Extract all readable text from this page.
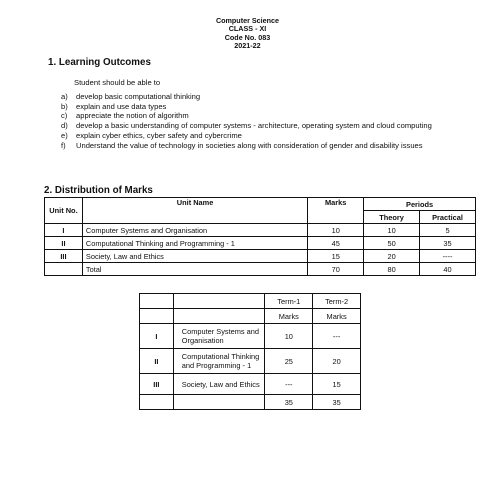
Computer Science
CLASS - XI
Code No. 083
2021-22
1. Learning Outcomes
Student should be able to
a)	develop basic computational thinking
b)	explain and use data types
c)	appreciate the notion of algorithm
d)	develop a basic understanding of computer systems - architecture, operating system and cloud computing
e)	explain cyber ethics, cyber safety and cybercrime
f)	Understand the value of technology in societies along with consideration of gender and disability issues
2. Distribution of Marks
Unit No.	Unit Name	Marks	Periods	
			Theory	Practical
I	Computer Systems and Organisation	10	10	5
II	Computational Thinking and Programming - 1	45	50	35
III	Society, Law and Ethics	15	20	----
	Total	70	80	40
		Term-1	Term-2
		Marks	Marks
I	Computer Systems and Organisation	10	---
II	Computational Thinking and Programming - 1	25	20
III	Society, Law and Ethics	---	15
		35	35
